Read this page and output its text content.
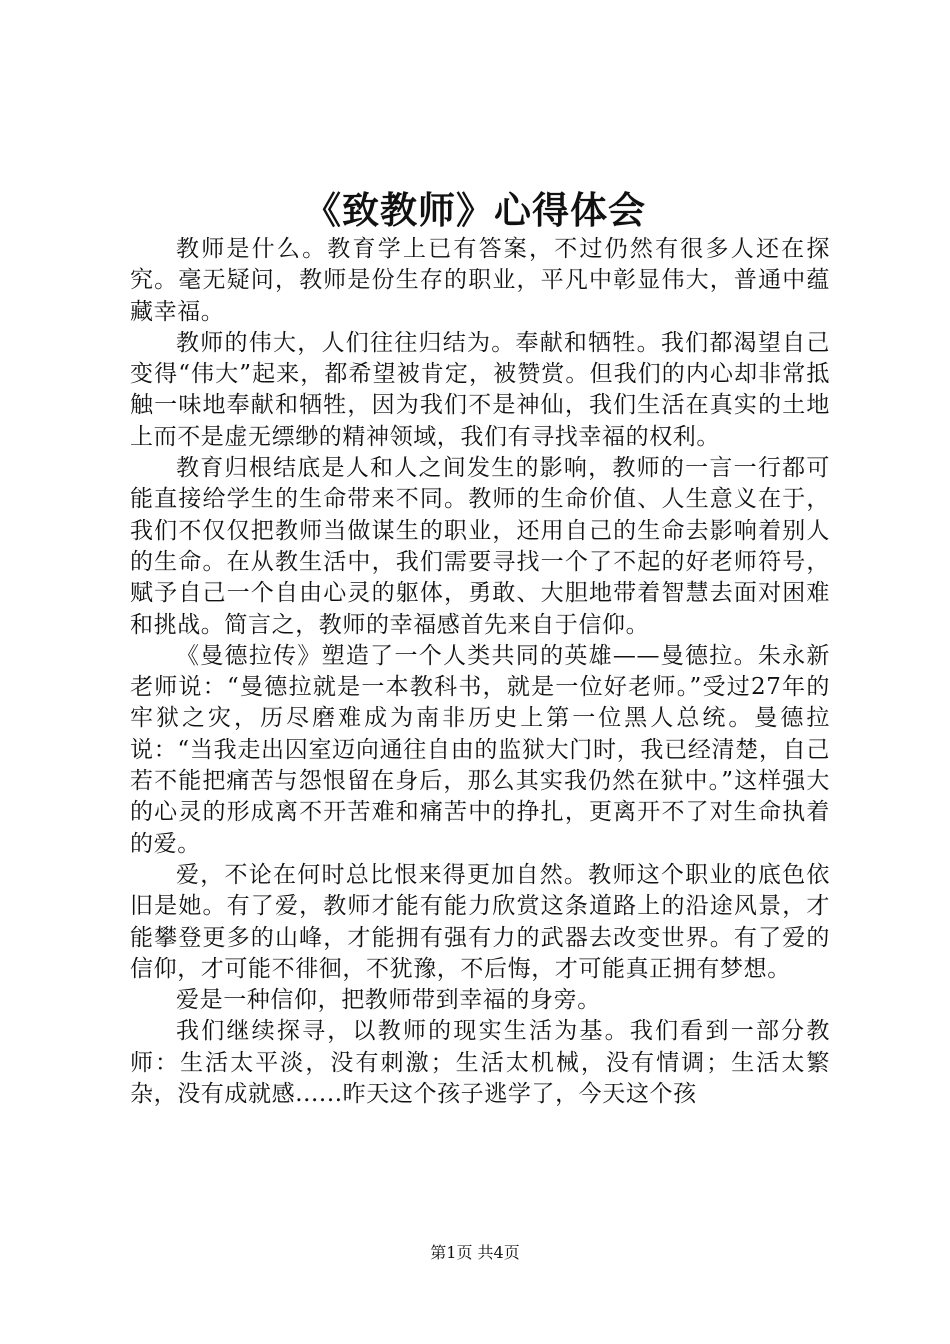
《致教师》心得体会

教师是什么。教育学上已有答案，不过仍然有很多人还在探究。毫无疑问，教师是份生存的职业，平凡中彰显伟大，普通中蕴藏幸福。

教师的伟大，人们往往归结为。奉献和牺牲。我们都渴望自己变得“伟大”起来，都希望被肯定，被赞赏。但我们的内心却非常抵触一味地奉献和牺牲，因为我们不是神仙，我们生活在真实的土地上而不是虚无缥缈的精神领域，我们有寻找幸福的权利。

教育归根结底是人和人之间发生的影响，教师的一言一行都可能直接给学生的生命带来不同。教师的生命价值、人生意义在于，我们不仅仅把教师当做谋生的职业，还用自己的生命去影响着别人的生命。在从教生活中，我们需要寻找一个了不起的好老师符号，赋予自己一个自由心灵的躯体，勇敢、大胆地带着智慧去面对困难和挑战。简言之，教师的幸福感首先来自于信仰。

《曼德拉传》塑造了一个人类共同的英雄——曼德拉。朱永新老师说：“曼德拉就是一本教科书，就是一位好老师。”受过27年的牢狱之灾，历尽磨难成为南非历史上第一位黑人总统。曼德拉说：“当我走出囚室迈向通往自由的监狱大门时，我已经清楚，自己若不能把痛苦与怨恨留在身后，那么其实我仍然在狱中。”这样强大的心灵的形成离不开苦难和痛苦中的挣扎，更离开不了对生命执着的爱。

爱，不论在何时总比恨来得更加自然。教师这个职业的底色依旧是她。有了爱，教师才能有能力欣赏这条道路上的沿途风景，才能攀登更多的山峰，才能拥有强有力的武器去改变世界。有了爱的信仰，才可能不徘徊，不犹豫，不后悔，才可能真正拥有梦想。

爱是一种信仰，把教师带到幸福的身旁。

我们继续探寻，以教师的现实生活为基。我们看到一部分教师：生活太平淡，没有刺激；生活太机械，没有情调；生活太繁杂，没有成就感......昨天这个孩子逃学了，今天这个孩

第1页 共4页
